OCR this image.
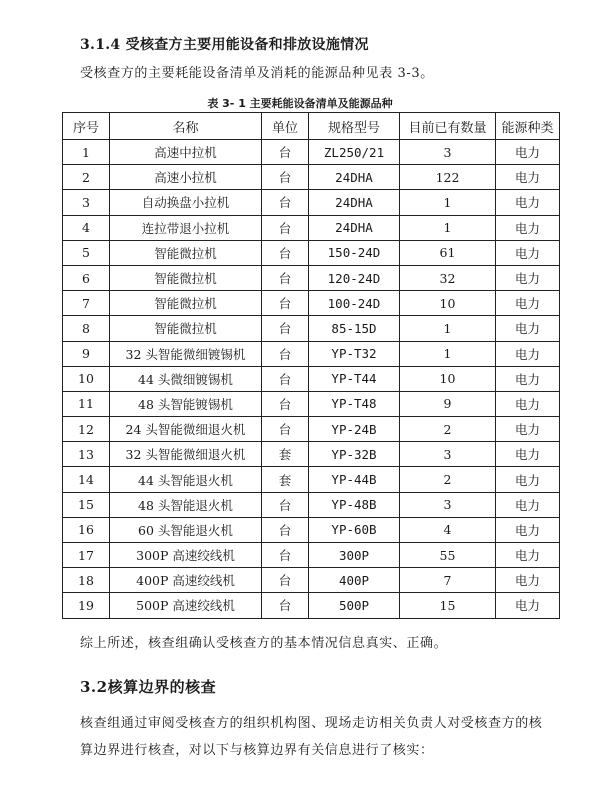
3.1.4 受核查方主要用能设备和排放设施情况
受核查方的主要耗能设备清单及消耗的能源品种见表 3-3。
表 3- 1 主要耗能设备清单及能源品种
序号	名称	单位	规格型号	目前已有数量	能源种类
1	高速中拉机	台	ZL250/21	3	电力
2	高速小拉机	台	24DHA	122	电力
3	自动换盘小拉机	台	24DHA	1	电力
4	连拉带退小拉机	台	24DHA	1	电力
5	智能微拉机	台	150-24D	61	电力
6	智能微拉机	台	120-24D	32	电力
7	智能微拉机	台	100-24D	10	电力
8	智能微拉机	台	85-15D	1	电力
9	32 头智能微细镀锡机	台	YP-T32	1	电力
10	44 头微细镀锡机	台	YP-T44	10	电力
11	48 头智能镀锡机	台	YP-T48	9	电力
12	24 头智能微细退火机	台	YP-24B	2	电力
13	32 头智能微细退火机	套	YP-32B	3	电力
14	44 头智能退火机	套	YP-44B	2	电力
15	48 头智能退火机	台	YP-48B	3	电力
16	60 头智能退火机	台	YP-60B	4	电力
17	300P 高速绞线机	台	300P	55	电力
18	400P 高速绞线机	台	400P	7	电力
19	500P 高速绞线机	台	500P	15	电力
综上所述，核查组确认受核查方的基本情况信息真实、正确。
3.2核算边界的核查
核查组通过审阅受核查方的组织机构图、现场走访相关负责人对受核查方的核
算边界进行核查，对以下与核算边界有关信息进行了核实：
